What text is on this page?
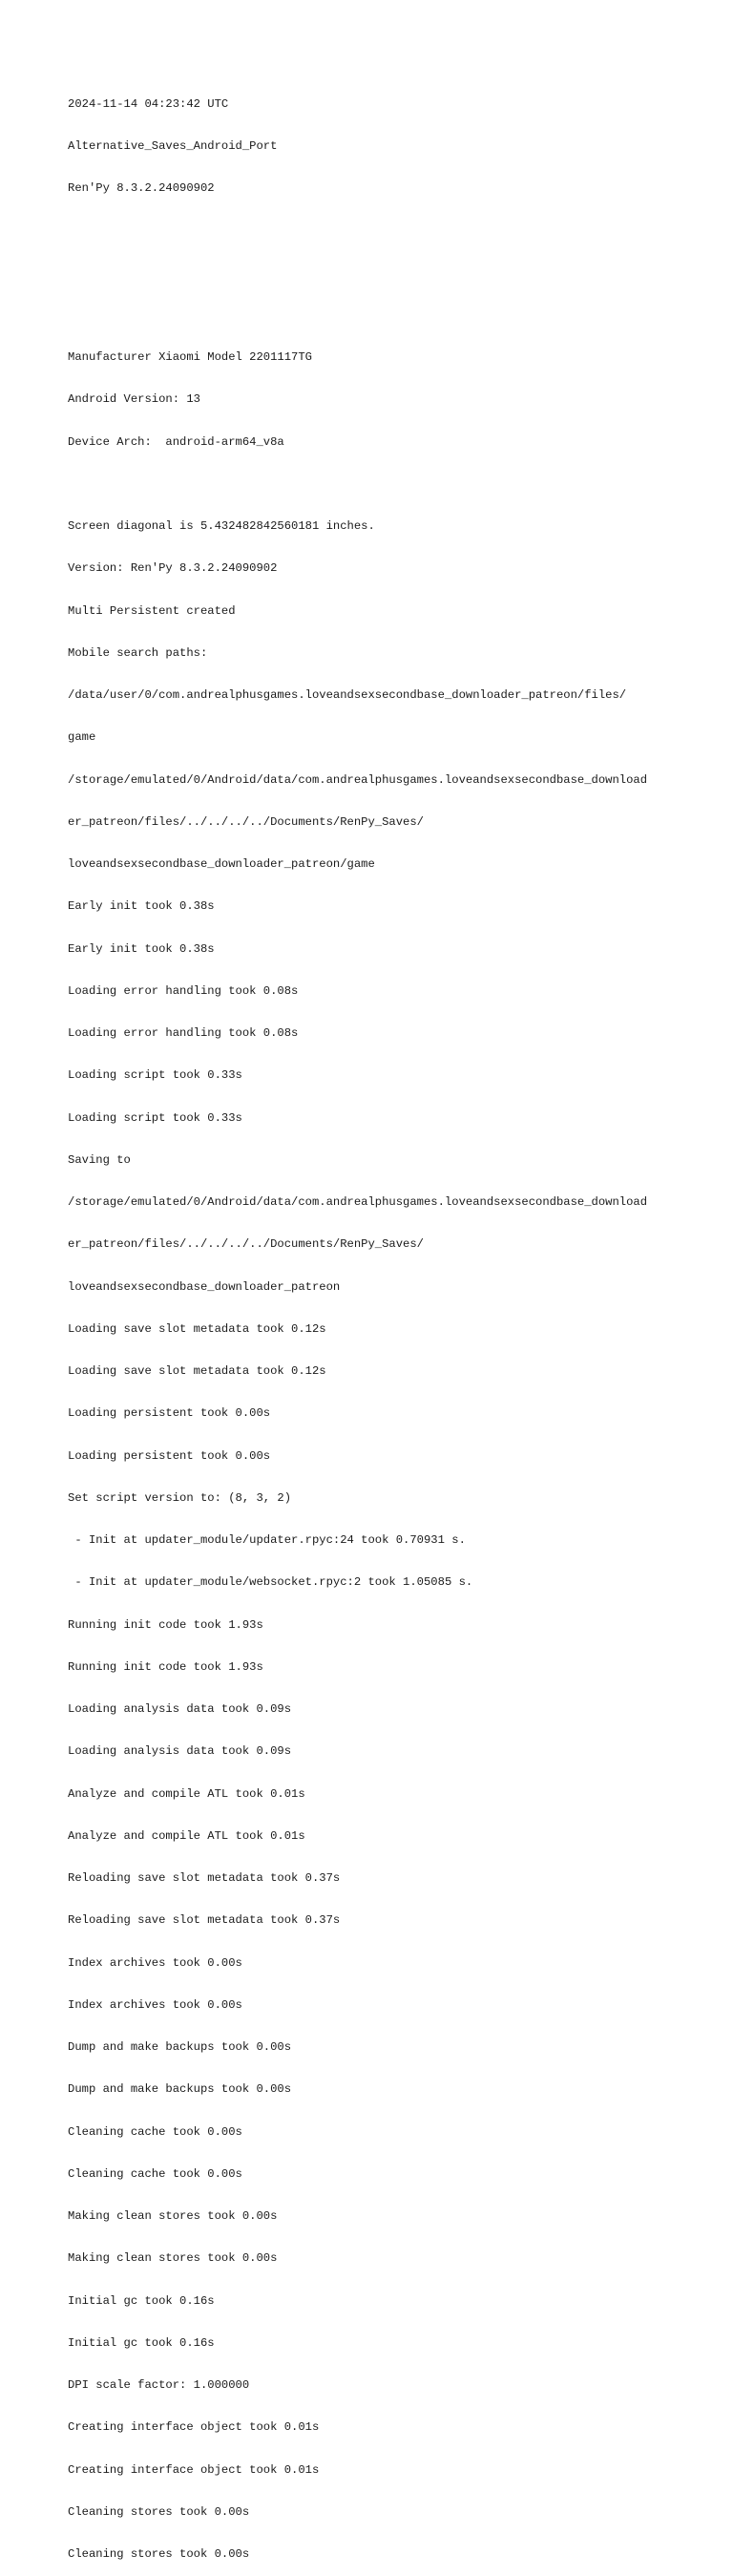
2024-11-14 04:23:42 UTC

Alternative_Saves_Android_Port

Ren'Py 8.3.2.24090902

Manufacturer Xiaomi Model 2201117TG

Android Version: 13

Device Arch:  android-arm64_v8a

Screen diagonal is 5.432482842560181 inches.

Version: Ren'Py 8.3.2.24090902

Multi Persistent created

Mobile search paths:

/data/user/0/com.andrealphusgames.loveandsexsecondbase_downloader_patreon/files/

game

/storage/emulated/0/Android/data/com.andrealphusgames.loveandsexsecondbase_download

er_patreon/files/../../../../Documents/RenPy_Saves/

loveandsexsecondbase_downloader_patreon/game

Early init took 0.38s

Early init took 0.38s

Loading error handling took 0.08s

Loading error handling took 0.08s

Loading script took 0.33s

Loading script took 0.33s

Saving to

/storage/emulated/0/Android/data/com.andrealphusgames.loveandsexsecondbase_download

er_patreon/files/../../../../Documents/RenPy_Saves/

loveandsexsecondbase_downloader_patreon

Loading save slot metadata took 0.12s

Loading save slot metadata took 0.12s

Loading persistent took 0.00s

Loading persistent took 0.00s

Set script version to: (8, 3, 2)

- Init at updater_module/updater.rpyc:24 took 0.70931 s.

- Init at updater_module/websocket.rpyc:2 took 1.05085 s.

Running init code took 1.93s

Running init code took 1.93s

Loading analysis data took 0.09s

Loading analysis data took 0.09s

Analyze and compile ATL took 0.01s

Analyze and compile ATL took 0.01s

Reloading save slot metadata took 0.37s

Reloading save slot metadata took 0.37s

Index archives took 0.00s

Index archives took 0.00s

Dump and make backups took 0.00s

Dump and make backups took 0.00s

Cleaning cache took 0.00s

Cleaning cache took 0.00s

Making clean stores took 0.00s

Making clean stores took 0.00s

Initial gc took 0.16s

Initial gc took 0.16s

DPI scale factor: 1.000000

Creating interface object took 0.01s

Creating interface object took 0.01s

Cleaning stores took 0.00s

Cleaning stores took 0.00s
